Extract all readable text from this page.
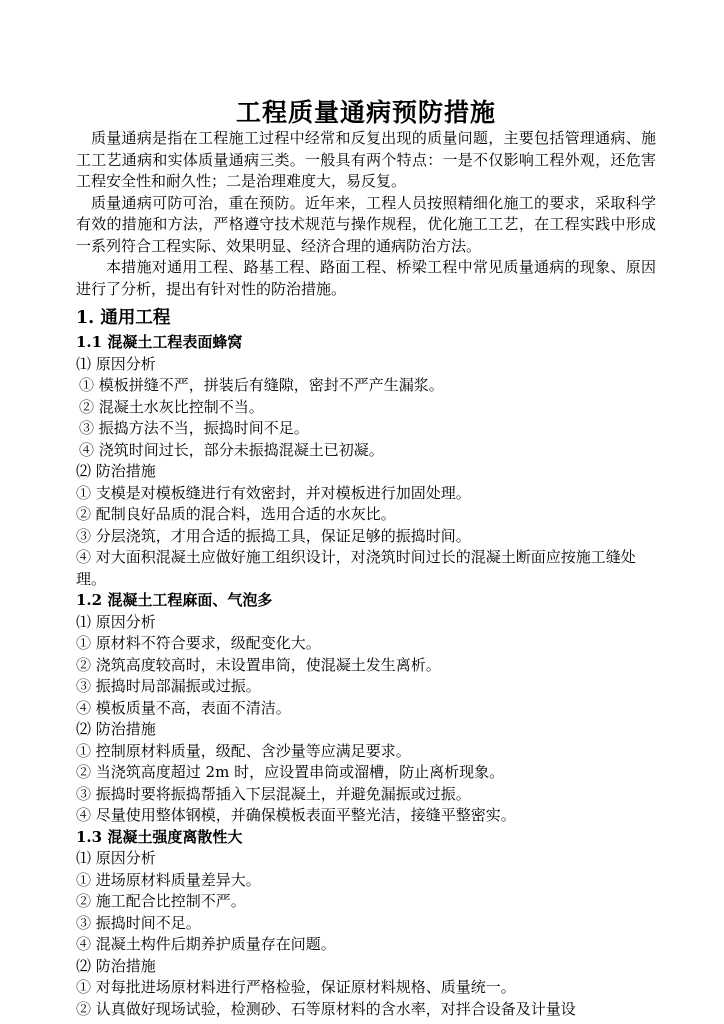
工程质量通病预防措施

质量通病是指在工程施工过程中经常和反复出现的质量问题，主要包括管理通病、施工工艺通病和实体质量通病三类。一般具有两个特点：一是不仅影响工程外观，还危害工程安全性和耐久性；二是治理难度大，易反复。

质量通病可防可治，重在预防。近年来，工程人员按照精细化施工的要求，采取科学有效的措施和方法，严格遵守技术规范与操作规程，优化施工工艺，在工程实践中形成一系列符合工程实际、效果明显、经济合理的通病防治方法。

本措施对通用工程、路基工程、路面工程、桥梁工程中常见质量通病的现象、原因进行了分析，提出有针对性的防治措施。

1. 通用工程
1.1 混凝土工程表面蜂窝
⑴ 原因分析
① 模板拼缝不严，拼装后有缝隙，密封不严产生漏浆。
② 混凝土水灰比控制不当。
③ 振捣方法不当，振捣时间不足。
④ 浇筑时间过长，部分未振捣混凝土已初凝。
⑵ 防治措施
① 支模是对模板缝进行有效密封，并对模板进行加固处理。
② 配制良好品质的混合料，选用合适的水灰比。
③ 分层浇筑，才用合适的振捣工具，保证足够的振捣时间。
④ 对大面积混凝土应做好施工组织设计，对浇筑时间过长的混凝土断面应按施工缝处理。
1.2 混凝土工程麻面、气泡多
⑴ 原因分析
① 原材料不符合要求，级配变化大。
② 浇筑高度较高时，未设置串筒，使混凝土发生离析。
③ 振捣时局部漏振或过振。
④ 模板质量不高，表面不清洁。
⑵ 防治措施
① 控制原材料质量，级配、含沙量等应满足要求。
② 当浇筑高度超过 2m 时，应设置串筒或溜槽，防止离析现象。
③ 振捣时要将振捣帮插入下层混凝土，并避免漏振或过振。
④ 尽量使用整体钢模，并确保模板表面平整光洁，接缝平整密实。
1.3 混凝土强度离散性大
⑴ 原因分析
① 进场原材料质量差异大。
② 施工配合比控制不严。
③ 振捣时间不足。
④ 混凝土构件后期养护质量存在问题。
⑵ 防治措施
① 对每批进场原材料进行严格检验，保证原材料规格、质量统一。
② 认真做好现场试验，检测砂、石等原材料的含水率，对拌合设备及计量设
